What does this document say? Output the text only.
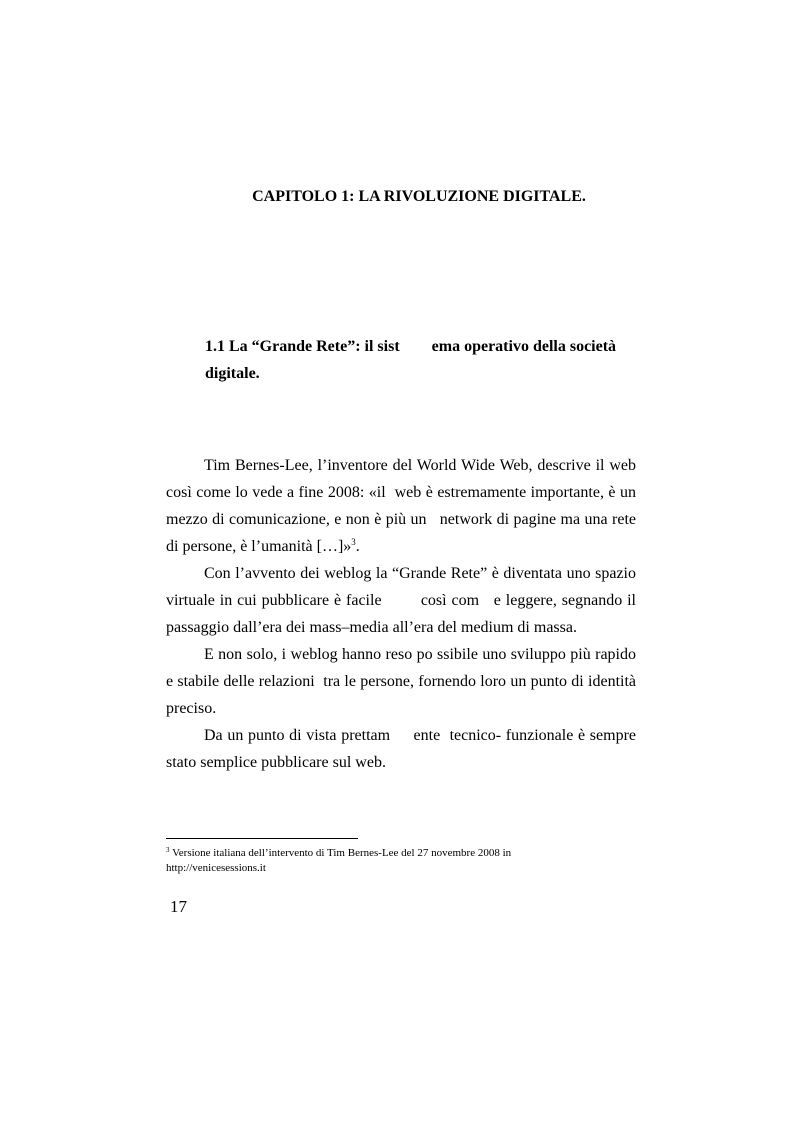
CAPITOLO 1: LA RIVOLUZIONE DIGITALE.
1.1 La “Grande Rete”: il sist        ema operativo della società
digitale.
Tim Bernes-Lee, l’inventore del World Wide Web, descrive il web
così come lo vede a fine 2008: «il  web è estremamente importante, è un
mezzo di comunicazione, e non è più un   network di pagine ma una rete
di persone, è l’umanità […]»$^3$.
Con l’avvento dei weblog la “Grande Rete” è diventata uno spazio
virtuale in cui pubblicare è facile        così com   e leggere, segnando il
passaggio dall’era dei mass–media all’era del medium di massa.
E non solo, i weblog hanno reso po ssibile uno sviluppo più rapido
e stabile delle relazioni  tra le persone, fornendo loro un punto di identità
preciso.
Da un punto di vista prettam     ente  tecnico- funzionale è sempre
stato semplice pubblicare sul web.
$^3$ Versione italiana dell’intervento di Tim Bernes-Lee del 27 novembre 2008 in
http://venicesessions.it
17
